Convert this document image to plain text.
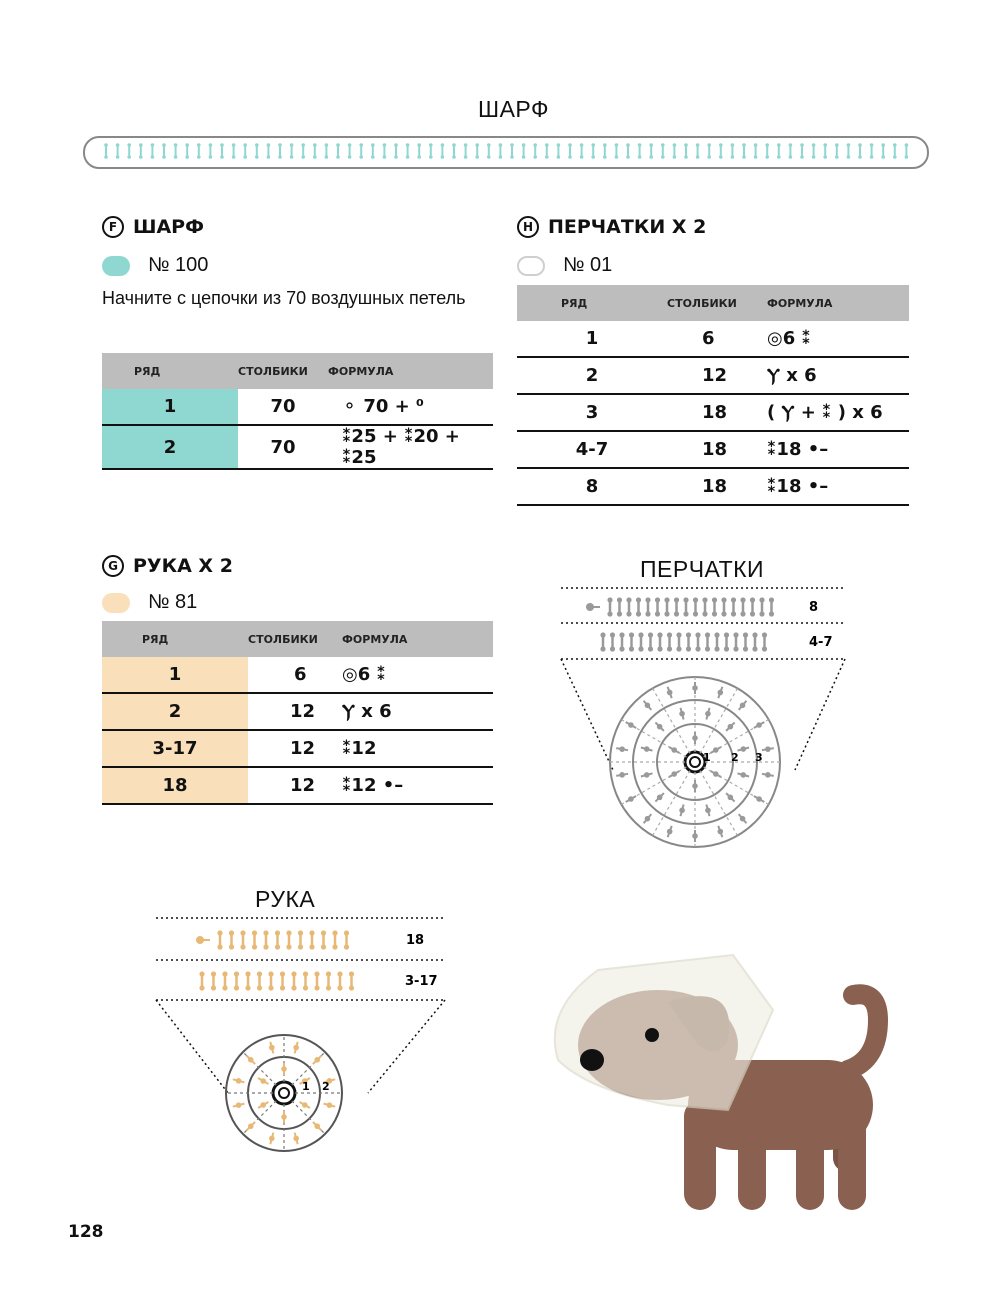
ШАРФ
F ШАРФ
№ 100
Начните с цепочки из 70 воздушных петель
РЯД	СТОЛБИКИ	ФОРМУЛА
1	70	⚬ 70 + ⁰
2	70	⁑25 + ⁑20 + ⁑25
H ПЕРЧАТКИ X 2
№ 01
РЯД	СТОЛБИКИ	ФОРМУЛА
1	6	◎6 ⁑
2	12	Ⲩ x 6
3	18	( Ⲩ + ⁑ ) x 6
4-7	18	⁑18 •–
8	18	⁑18 •–
G РУКА X 2
№ 81
РЯД	СТОЛБИКИ	ФОРМУЛА
1	6	◎6 ⁑
2	12	Ⲩ x 6
3-17	12	⁑12
18	12	⁑12 •–
ПЕРЧАТКИ
8
4-7
1 2 3
РУКА
18
3-17
1 2
128
